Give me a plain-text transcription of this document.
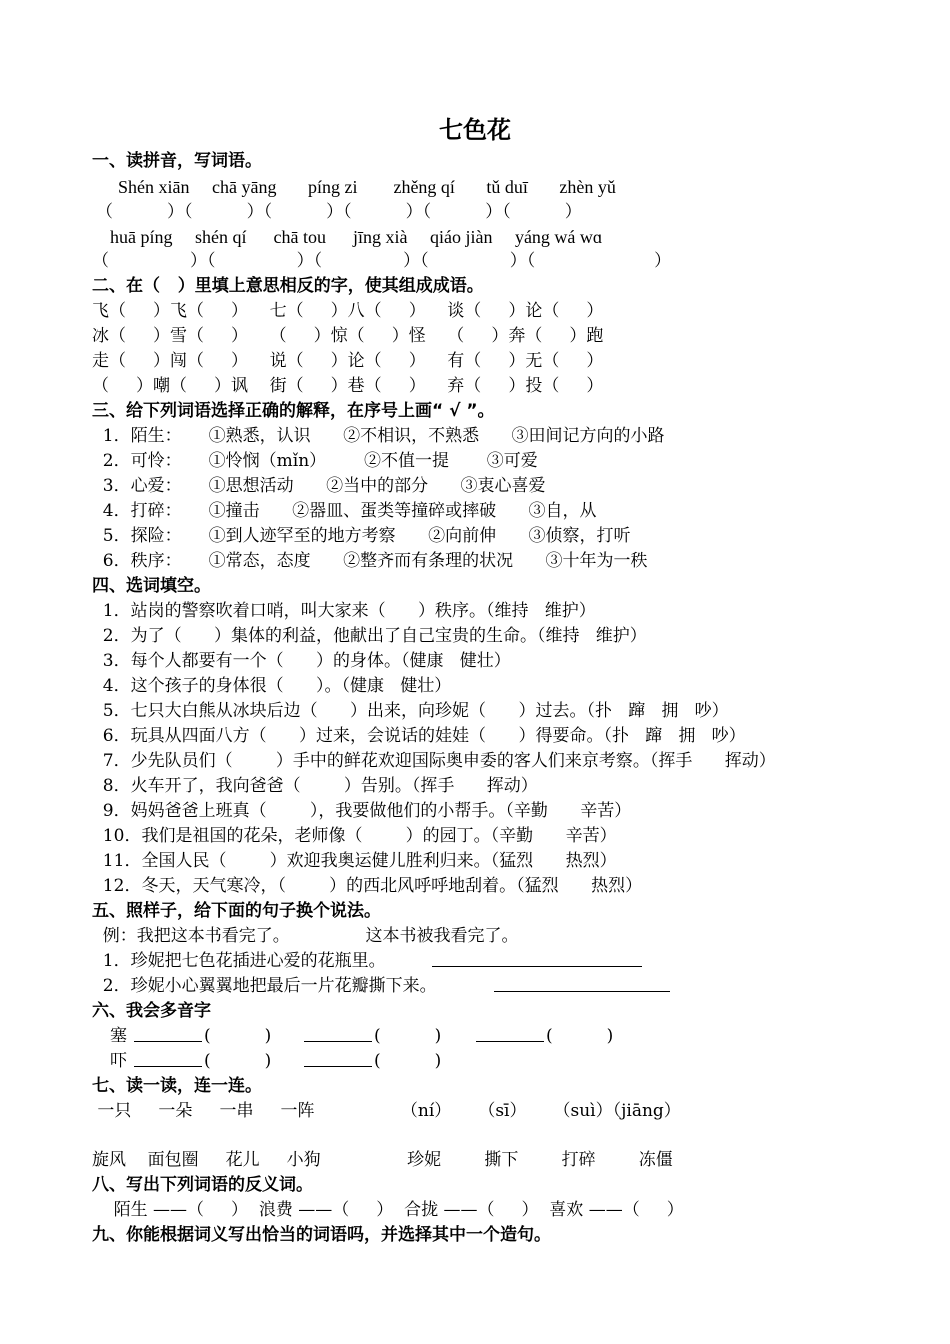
七色花
一、读拼音，写词语。
Shén xiān     chā yāng       píng zi        zhěng qí       tǔ duī       zhèn yǔ
（          ）（          ）（          ）（          ）（          ）（          ）
huā píng     shén qí      chā tou      jīng xià     qiáo jiàn     yáng wá wɑ
（               ）（               ）（               ）（               ）（                      ）
二、在（   ）里填上意思相反的字，使其组成成语。
飞（     ）飞（     ）    七（     ）八（     ）    谈（     ）论（     ）
冰（     ）雪（     ）    （     ）惊（     ）怪    （     ）奔（     ）跑
走（     ）闯（     ）    说（     ）论（     ）    有（     ）无（     ）
（     ）嘲（     ）讽    街（     ）巷（     ）    弃（     ）投（     ）
三、给下列词语选择正确的解释，在序号上画“ √ ”。
1．陌生：     ①熟悉，认识      ②不相识，不熟悉      ③田间记方向的小路
2．可怜：     ①怜悯（mǐn）       ②不值一提       ③可爱
3．心爱：     ①思想活动      ②当中的部分      ③衷心喜爱
4．打碎：     ①撞击      ②器皿、蛋类等撞碎或摔破      ③自，从
5．探险：     ①到人迹罕至的地方考察      ②向前伸      ③侦察，打听
6．秩序：     ①常态，态度      ②整齐而有条理的状况      ③十年为一秩
四、选词填空。
1．站岗的警察吹着口哨，叫大家来（      ）秩序。（维持   维护）
2．为了（      ）集体的利益，他献出了自己宝贵的生命。（维持   维护）
3．每个人都要有一个（      ）的身体。（健康   健壮）
4．这个孩子的身体很（      ）。（健康   健壮）
5．七只大白熊从冰块后边（      ）出来，向珍妮（      ）过去。（扑   蹿   拥   吵）
6．玩具从四面八方（      ）过来，会说话的娃娃（      ）得要命。（扑   蹿   拥   吵）
7．少先队员们（        ）手中的鲜花欢迎国际奥申委的客人们来京考察。（挥手      挥动）
8．火车开了，我向爸爸（        ）告别。（挥手      挥动）
9．妈妈爸爸上班真（        ），我要做他们的小帮手。（辛勤      辛苦）
10．我们是祖国的花朵，老师像（        ）的园丁。（辛勤      辛苦）
11．全国人民（        ）欢迎我奥运健儿胜利归来。（猛烈      热烈）
12．冬天，天气寒冷，（        ）的西北风呼呼地刮着。（猛烈      热烈）
五、照样子，给下面的句子换个说法。
例：我把这本书看完了。              这本书被我看完了。
1．珍妮把七色花插进心爱的花瓶里。
2．珍妮小心翼翼地把最后一片花瓣撕下来。
六、我会多音字
塞	(          )	(          )	(          )
吓	(          )	(          )
七、读一读，连一连。
一只     一朵     一串     一阵                （ní）     （sī）     （suì）（jiāng）
旋风    面包圈     花儿     小狗                珍妮        撕下        打碎        冻僵
八、写出下列词语的反义词。
陌生 ——（     ）  浪费 ——（     ）  合拢 ——（     ）  喜欢 ——（     ）
九、你能根据词义写出恰当的词语吗，并选择其中一个造句。
